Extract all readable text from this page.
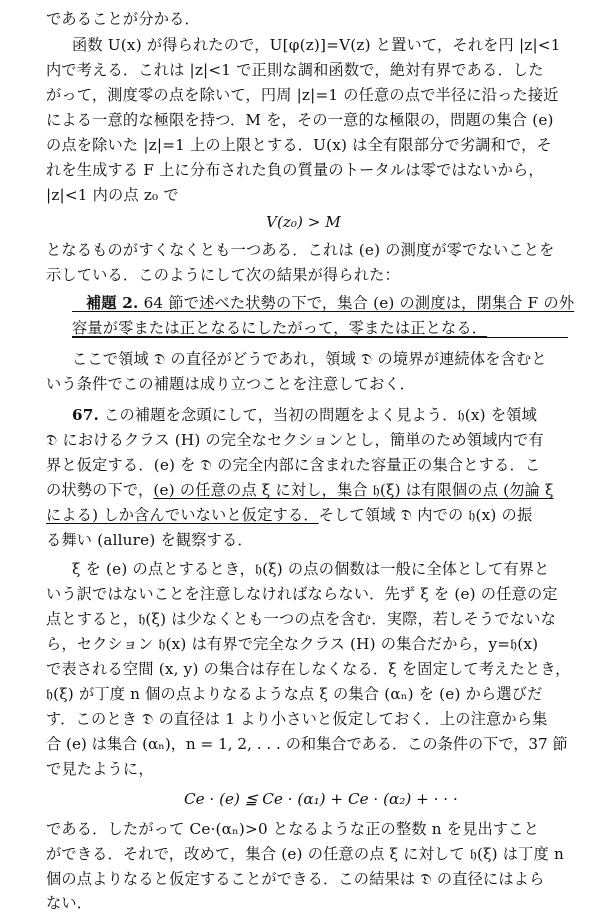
であることが分かる．
函数 U(x) が得られたので，U[φ(z)]=V(z) と置いて，それを円 |z|<1
内で考える．これは |z|<1 で正則な調和函数で，絶対有界である．した
がって，測度零の点を除いて，円周 |z|=1 の任意の点で半径に沿った接近
による一意的な極限を持つ．M を，その一意的な極限の，問題の集合 (e)
の点を除いた |z|=1 上の上限とする．U(x) は全有限部分で劣調和で，そ
れを生成する F 上に分布された負の質量のトータルは零ではないから，
|z|<1 内の点 z₀ で
V(z₀) > M
となるものがすくなくとも一つある．これは (e) の測度が零でないことを
示している．このようにして次の結果が得られた：
補題 2. 64 節で述べた状勢の下で，集合 (e) の測度は，閉集合 F の外
容量が零または正となるにしたがって，零または正となる．
ここで領域 𝔇 の直径がどうであれ，領域 𝔇 の境界が連続体を含むと
いう条件でこの補題は成り立つことを注意しておく．
67. この補題を念頭にして，当初の問題をよく見よう．𝔥(x) を領域
𝔇 におけるクラス (H) の完全なセクションとし，簡単のため領域内で有
界と仮定する．(e) を 𝔇 の完全内部に含まれた容量正の集合とする．こ
の状勢の下で，(e) の任意の点 ξ に対し，集合 𝔥(ξ) は有限個の点 (勿論 ξ
による) しか含んでいないと仮定する．そして領域 𝔇 内での 𝔥(x) の振
る舞い (allure) を観察する．
ξ を (e) の点とするとき，𝔥(ξ) の点の個数は一般に全体として有界と
いう訳ではないことを注意しなければならない．先ず ξ を (e) の任意の定
点とすると，𝔥(ξ) は少なくとも一つの点を含む．実際，若しそうでないな
ら，セクション 𝔥(x) は有界で完全なクラス (H) の集合だから，y=𝔥(x)
で表される空間 (x, y) の集合は存在しなくなる．ξ を固定して考えたとき，
𝔥(ξ) が丁度 n 個の点よりなるような点 ξ の集合 (αₙ) を (e) から選びだ
す．このとき 𝔇 の直径は 1 より小さいと仮定しておく．上の注意から集
合 (e) は集合 (αₙ)，n = 1, 2, . . . の和集合である．この条件の下で，37 節
で見たように，
Ce · (e) ≦ Ce · (α₁) + Ce · (α₂) + · · ·
である．したがって Ce·(αₙ)>0 となるような正の整数 n を見出すこと
ができる．それで，改めて，集合 (e) の任意の点 ξ に対して 𝔥(ξ) は丁度 n
個の点よりなると仮定することができる．この結果は 𝔇 の直径にはよら
ない．
